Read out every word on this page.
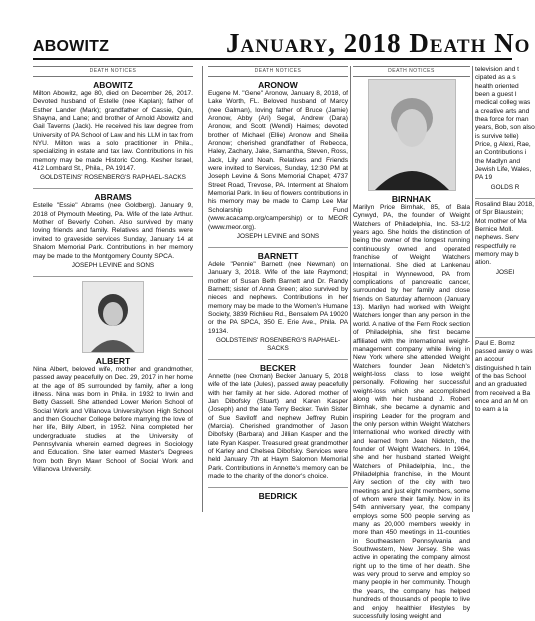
ABOWITZ	January, 2018 Death No
DEATH NOTICES
ABOWITZ

Milton Abowitz, age 80, died on December 26, 2017. Devoted husband of Estelle (nee Kaplan); father of Esther Lander (Mark); grandfather of Cassie, Quin, Shayna, and Lane; and brother of Arnold Abowitz and Gail Taverns (Jack). He received his law degree from University of PA School of Law and his LLM in tax from NYU. Milton was a solo practitioner in Phila., specializing in estate and tax law. Contributions in his memory may be made Historic Cong. Kesher Israel, 412 Lombard St., Phila., PA 19147.

GOLDSTEINS' ROSENBERG'S RAPHAEL-SACKS
ABRAMS

Estelle "Essie" Abrams (nee Goldberg). January 9, 2018 of Plymouth Meeting, Pa. Wife of the late Arthur. Mother of Beverly Cohen. Also survived by many loving friends and family. Relatives and friends were invited to graveside services Sunday, January 14 at Shalom Memorial Park. Contributions in her memory may be made to the Montgomery County SPCA.

JOSEPH LEVINE and SONS
ALBERT

Nina Albert, beloved wife, mother and grandmother, passed away peacefully on Dec. 29, 2017 in her home at the age of 85 surrounded by family, after a long illness. Nina was born in Phila. in 1932 to Irwin and Betty Gassell. She attended Lower Merion School of Social Work and Villanova University/son High School and then Goucher College before marrying the love of her life, Billy Albert, in 1952. Nina completed her undergraduate studies at the University of Pennsylvania wherein earned degrees in Sociology and Education. She later earned Master's Degrees from both Bryn Mawr School of Social Work and Villanova University.

DEATH NOTICES
ARONOW

Eugene M. "Gene" Aronow, January 8, 2018, of Lake Worth, FL. Beloved husband of Marcy (nee Galman), loving father of Bruce (Jamie) Aronow, Abby (Ari) Segal, Andrew (Dara) Aronow, and Scott (Wendi) Haimes; devoted brother of Michael (Ellie) Aronow and Sheila Aronow; cherished grandfather of Rebecca, Haley, Zachary, Jake, Samantha, Steven, Ross, Jack, Lily and Noah. Relatives and Friends were invited to Services, Sunday, 12:30 PM at Joseph Levine & Sons Memorial Chapel; 4737 Street Road, Trevose, PA. Interment at Shalom Memorial Park. In lieu of flowers contributions in his memory may be made to Camp Lee Mar Scholarship Fund (www.acacamp.org/campership) or to MEOR (www.meor.org).

JOSEPH LEVINE and SONS
BARNETT

Adele "Pennie" Barnett (nee Newman) on January 3, 2018. Wife of the late Raymond; mother of Susan Beth Barnett and Dr. Randy Barnett; sister of Anna Green; also survived by nieces and nephews. Contributions in her memory may be made to the Women's Humane Society, 3839 Richlieu Rd., Bensalem PA 19020 or the PA SPCA, 350 E. Erie Ave., Phila. PA 19134.

GOLDSTEINS' ROSENBERG'S RAPHAEL-SACKS
BECKER

Annette (nee Oxman) Becker January 5, 2018 wife of the late (Jules), passed away peacefully with her family at her side. Adored mother of Jan Dibofsky (Stuart) and Karen Kasper (Joseph) and the late Terry Becker. Twin Sister of Sue Saviloff and nephew Jeffrey Rubin (Marcia). Cherished grandmother of Jason Dibofsky (Barbara) and Jillian Kasper and the late Ryan Kasper. Treasured great grandmother of Karley and Chelsea Dibofsky. Services were held January 7th at Haym Salomon Memorial Park. Contributions in Annette's memory can be made to the charity of the donor's choice.

BEDRICK
DEATH NOTICES
BIRNHAK

Marilyn Price Birnhak, 85, of Bala Cynwyd, PA, the founder of Weight Watchers of Philadelphia, Inc. 53-1/2 years ago. She holds the distinction of being the owner of the longest running continuously owned and operated franchise of Weight Watchers International. She died at Lankenau Hospital in Wynnewood, PA from complications of pancreatic cancer, surrounded by her family and close friends on Saturday afternoon (January 13). Marilyn had worked with Weight Watchers longer than any person in the world. A native of the Fern Rock section of Philadelphia, she first became affiliated with the international weight-management company while living in New York where she attended Weight Watchers founder Jean Nidetch's weight-loss class to lose weight personally. Following her successful weight-loss which she accomplished along with her husband J. Robert Birnhak, she became a dynamic and inspiring Leader for the program and the only person within Weight Watchers International who worked directly with and learned from Jean Nidetch, the founder of Weight Watchers. In 1964, she and her husband started Weight Watchers of Philadelphia, Inc., the Philadelphia franchise, in the Mount Airy section of the city with two meetings and just eight members, some of whom were their family. Now in its 54th anniversary year, the company employs some 500 people serving as many as 20,000 members weekly in more than 450 meetings in 11-counties in Southeastern Pennsylvania and Southwestern, New Jersey. She was active in operating the company almost right up to the time of her death. She was very proud to serve and employ so many people in her community. Though the years, the company has helped hundreds of thousands of people to live and enjoy healthier lifestyles by successfully losing weight and

television and t cipated as a s health oriented been a guest l medical colleg was a creative arts and thea force for man years, Bob, son also is survive telle) Price, g Alexi, Rae, an Contributions i the Madlyn and Jewish Life, Wales, PA 19

GOLDS R

Rosalind Blau 2018, of Spr Blaustein; Mot mother of Ma Bernice Moll. nephews. Serv respectfully re memory may b ation.

JOSEI

Paul E. Bomz passed away o was an accour distinguished h tain of the bas School and an graduated from received a Ba ence and an M on to earn a la
